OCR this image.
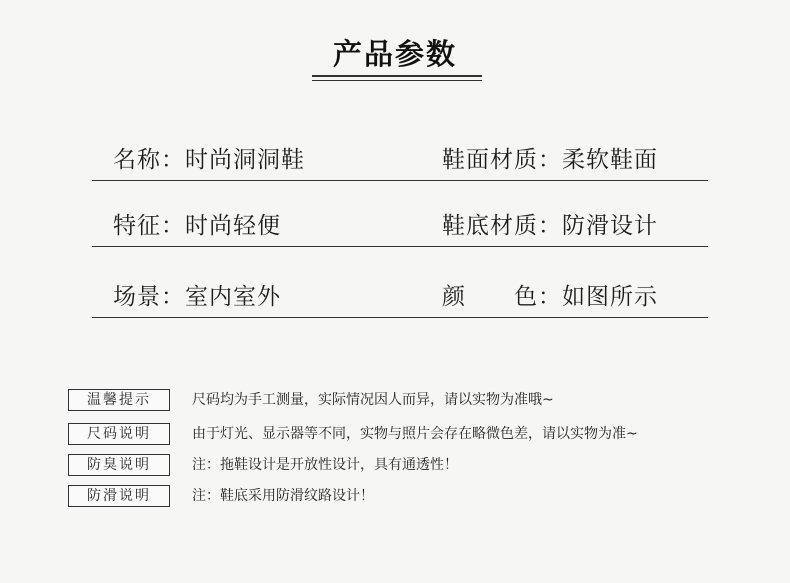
产品参数
名称：时尚洞洞鞋	鞋面材质：柔软鞋面
特征：时尚轻便	鞋底材质：防滑设计
场景：室内室外	颜　　色：如图所示
温馨提示	尺码均为手工测量，实际情况因人而异，请以实物为准哦~
尺码说明	由于灯光、显示器等不同，实物与照片会存在略微色差，请以实物为准~
防臭说明	注：拖鞋设计是开放性设计，具有通透性！
防滑说明	注：鞋底采用防滑纹路设计！
